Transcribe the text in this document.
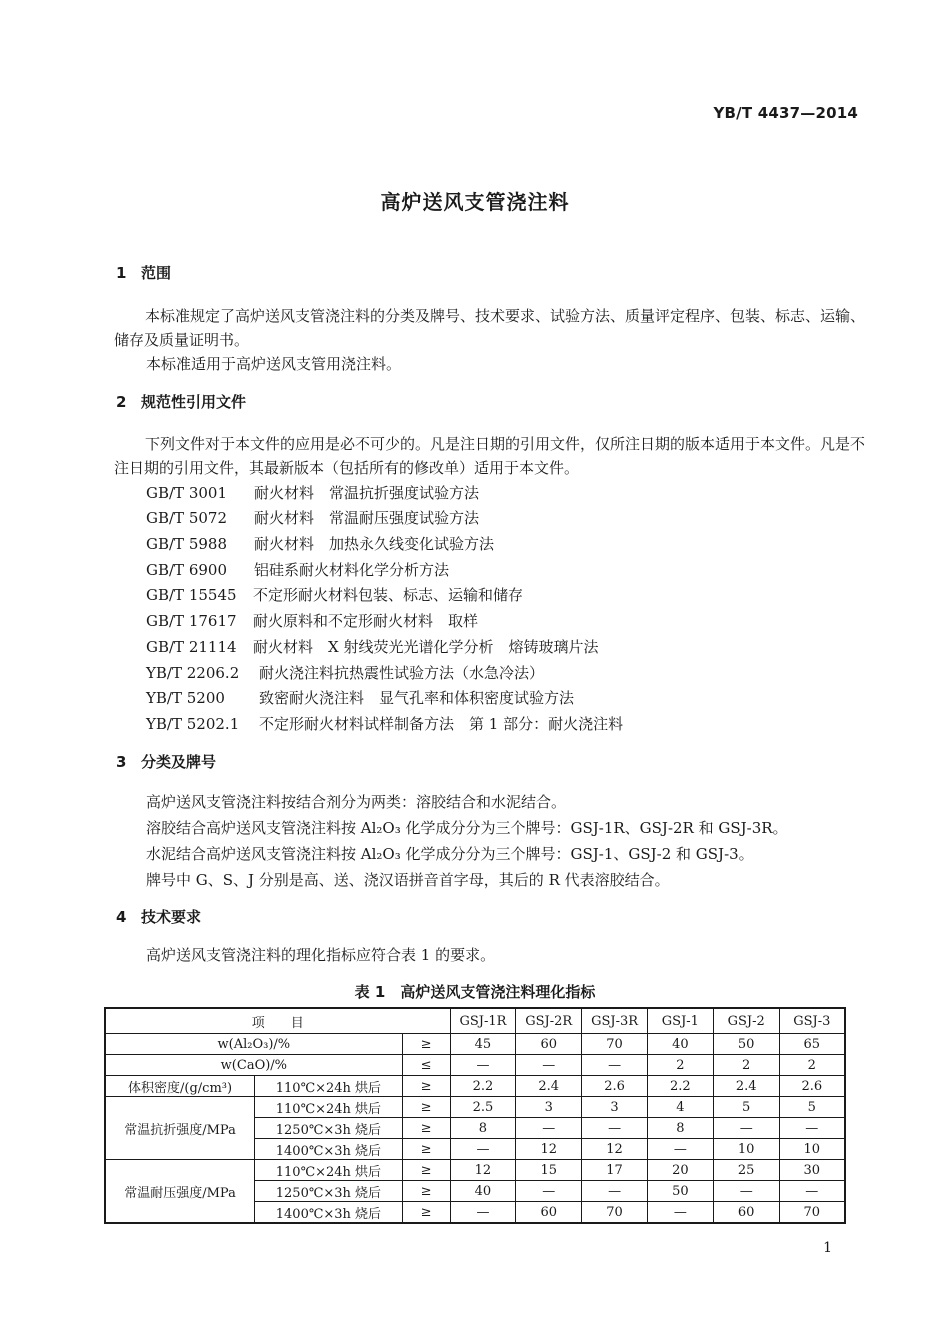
YB/T 4437—2014
高炉送风支管浇注料
1 范围
本标准规定了高炉送风支管浇注料的分类及牌号、技术要求、试验方法、质量评定程序、包装、标志、运输、储存及质量证明书。
本标准适用于高炉送风支管用浇注料。
2 规范性引用文件
下列文件对于本文件的应用是必不可少的。凡是注日期的引用文件，仅所注日期的版本适用于本文件。凡是不注日期的引用文件，其最新版本（包括所有的修改单）适用于本文件。
GB/T 3001 耐火材料　常温抗折强度试验方法
GB/T 5072 耐火材料　常温耐压强度试验方法
GB/T 5988 耐火材料　加热永久线变化试验方法
GB/T 6900 铝硅系耐火材料化学分析方法
GB/T 15545 不定形耐火材料包装、标志、运输和储存
GB/T 17617 耐火原料和不定形耐火材料　取样
GB/T 21114 耐火材料　X 射线荧光光谱化学分析　熔铸玻璃片法
YB/T 2206.2 耐火浇注料抗热震性试验方法（水急冷法）
YB/T 5200 致密耐火浇注料　显气孔率和体积密度试验方法
YB/T 5202.1 不定形耐火材料试样制备方法　第 1 部分：耐火浇注料
3 分类及牌号
高炉送风支管浇注料按结合剂分为两类：溶胶结合和水泥结合。
溶胶结合高炉送风支管浇注料按 Al₂O₃ 化学成分分为三个牌号：GSJ-1R、GSJ-2R 和 GSJ-3R。
水泥结合高炉送风支管浇注料按 Al₂O₃ 化学成分分为三个牌号：GSJ-1、GSJ-2 和 GSJ-3。
牌号中 G、S、J 分别是高、送、浇汉语拼音首字母，其后的 R 代表溶胶结合。
4 技术要求
高炉送风支管浇注料的理化指标应符合表 1 的要求。
表 1　高炉送风支管浇注料理化指标
项　　目			GSJ-1R	GSJ-2R	GSJ-3R	GSJ-1	GSJ-2	GSJ-3
w(Al₂O₃)/%		≥	45	60	70	40	50	65
w(CaO)/%		≤	—	—	—	2	2	2
体积密度/(g/cm³)	110℃×24h 烘后	≥	2.2	2.4	2.6	2.2	2.4	2.6
常温抗折强度/MPa	110℃×24h 烘后	≥	2.5	3	3	4	5	5
	1250℃×3h 烧后	≥	8	—	—	8	—	—
	1400℃×3h 烧后	≥	—	12	12	—	10	10
常温耐压强度/MPa	110℃×24h 烘后	≥	12	15	17	20	25	30
	1250℃×3h 烧后	≥	40	—	—	50	—	—
	1400℃×3h 烧后	≥	—	60	70	—	60	70
1
